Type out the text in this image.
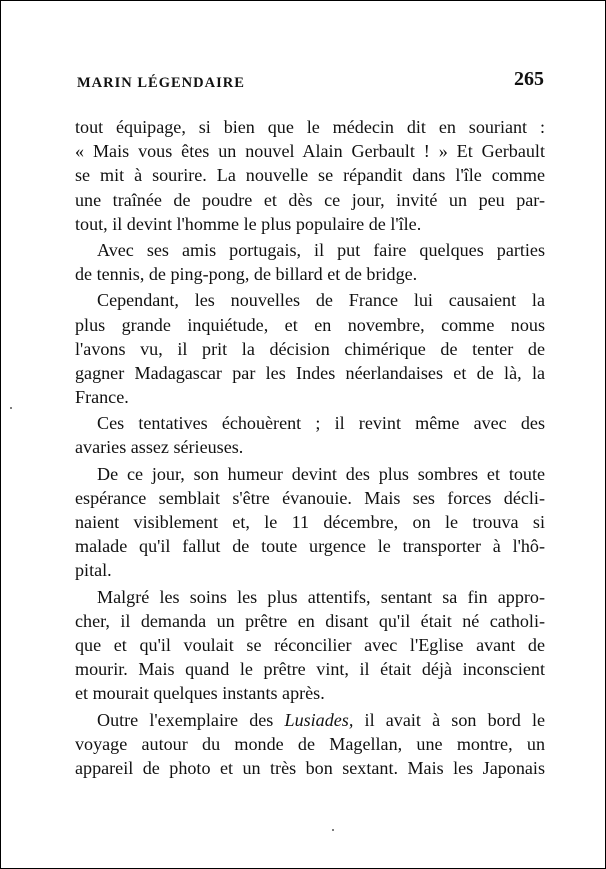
MARIN LÉGENDAIRE	265
tout équipage, si bien que le médecin dit en souriant :
« Mais vous êtes un nouvel Alain Gerbault ! » Et Gerbault
se mit à sourire. La nouvelle se répandit dans l'île comme
une traînée de poudre et dès ce jour, invité un peu par-
tout, il devint l'homme le plus populaire de l'île.
Avec ses amis portugais, il put faire quelques parties
de tennis, de ping-pong, de billard et de bridge.
Cependant, les nouvelles de France lui causaient la
plus grande inquiétude, et en novembre, comme nous
l'avons vu, il prit la décision chimérique de tenter de
gagner Madagascar par les Indes néerlandaises et de là, la
France.
Ces tentatives échouèrent ; il revint même avec des
avaries assez sérieuses.
De ce jour, son humeur devint des plus sombres et toute
espérance semblait s'être évanouie. Mais ses forces décli-
naient visiblement et, le 11 décembre, on le trouva si
malade qu'il fallut de toute urgence le transporter à l'hô-
pital.
Malgré les soins les plus attentifs, sentant sa fin appro-
cher, il demanda un prêtre en disant qu'il était né catholi-
que et qu'il voulait se réconcilier avec l'Eglise avant de
mourir. Mais quand le prêtre vint, il était déjà inconscient
et mourait quelques instants après.
Outre l'exemplaire des Lusiades, il avait à son bord le
voyage autour du monde de Magellan, une montre, un
appareil de photo et un très bon sextant. Mais les Japonais
